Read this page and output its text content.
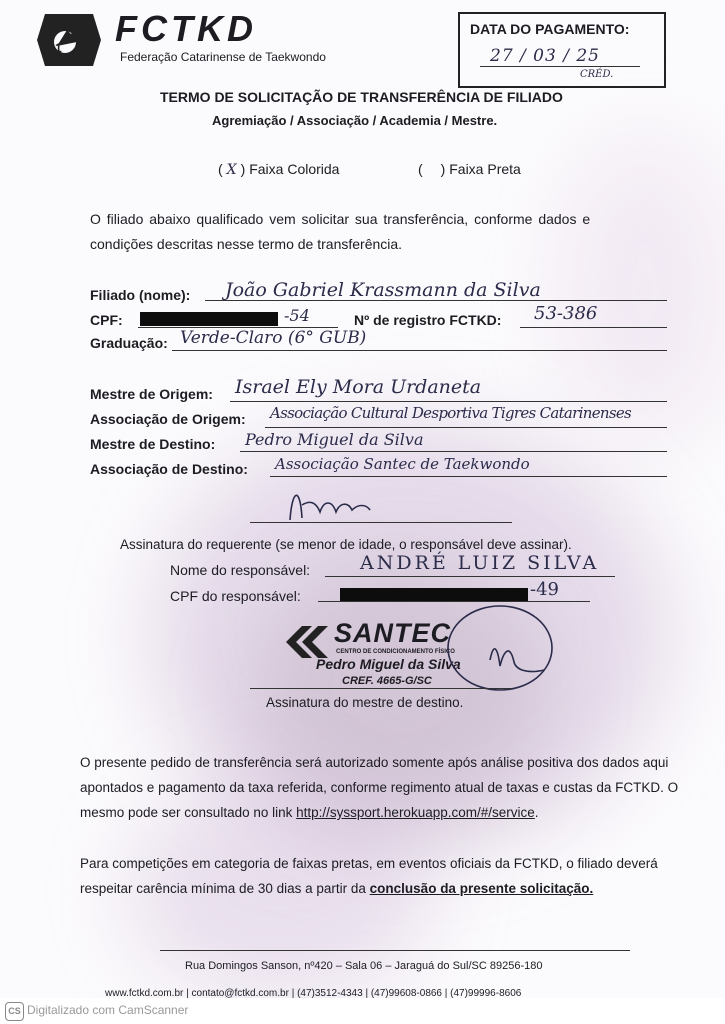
1 FCTKD
Federação Catarinense de Taekwondo
DATA DO PAGAMENTO:
27 / 03 / 25
CRÉD.
TERMO DE SOLICITAÇÃO DE TRANSFERÊNCIA DE FILIADO
Agremiação / Associação / Academia / Mestre.
( X ) Faixa Colorida	( ) Faixa Preta
O filiado abaixo qualificado vem solicitar sua transferência, conforme dados e
condições descritas nesse termo de transferência.
Filiado (nome): João Gabriel Krassmann da Silva
CPF:	-54	Nº de registro FCTKD: 53-386
Graduação: Verde-Claro (6° GUB)
Mestre de Origem: Israel Ely Mora Urdaneta
Associação de Origem: Associação Cultural Desportiva Tigres Catarinenses
Mestre de Destino: Pedro Miguel da Silva
Associação de Destino: Associação Santec de Taekwondo
Assinatura do requerente (se menor de idade, o responsável deve assinar).
Nome do responsável:	ANDRÉ LUIZ SILVA
CPF do responsável:	-49
SANTEC
CENTRO DE CONDICIONAMENTO FÍSICO
Pedro Miguel da Silva
CREF. 4665-G/SC
Assinatura do mestre de destino.
O presente pedido de transferência será autorizado somente após análise positiva dos dados aqui apontados e pagamento da taxa referida, conforme regimento atual de taxas e custas da FCTKD. O mesmo pode ser consultado no link http://syssport.herokuapp.com/#/service.
Para competições em categoria de faixas pretas, em eventos oficiais da FCTKD, o filiado deverá respeitar carência mínima de 30 dias a partir da conclusão da presente solicitação.
Rua Domingos Sanson, nº420 – Sala 06 – Jaraguá do Sul/SC 89256-180
www.fctkd.com.br | contato@fctkd.com.br | (47)3512-4343 | (47)99608-0866 | (47)99996-8606
CS Digitalizado com CamScanner
